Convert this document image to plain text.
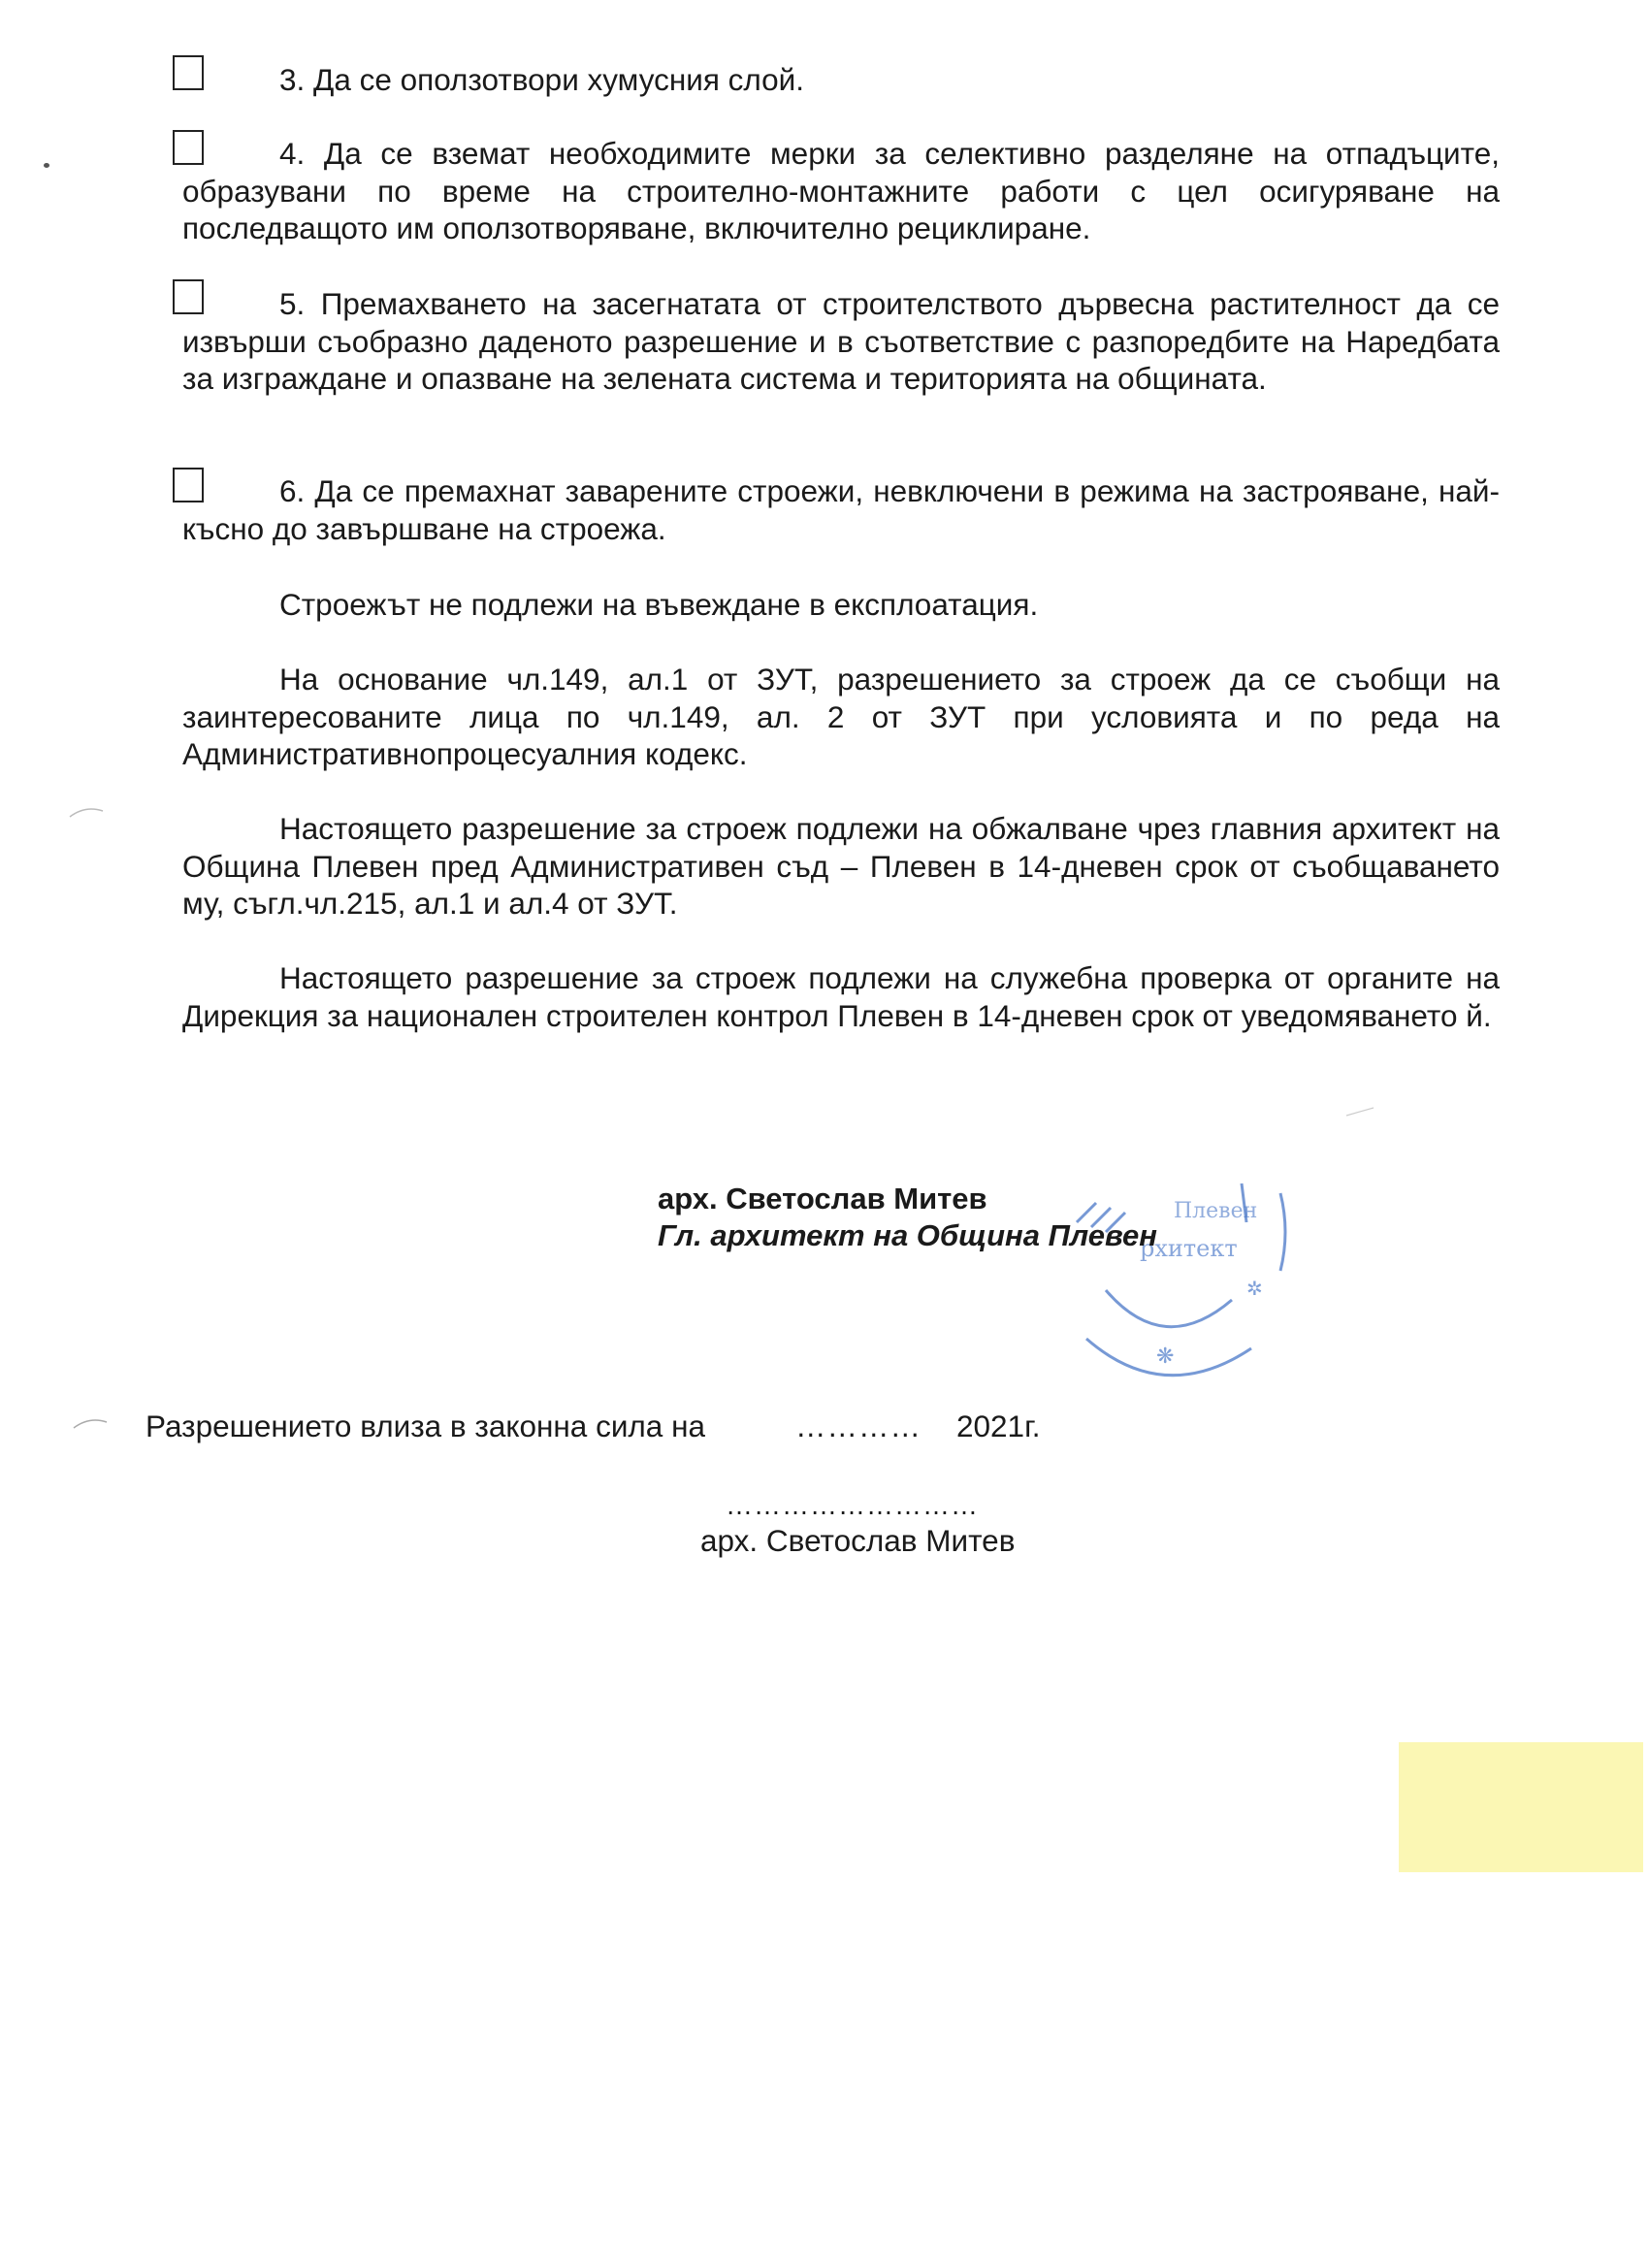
3. Да се оползотвори хумусния слой.

4. Да се вземат необходимите мерки за селективно разделяне на отпадъците, образувани по време на строително-монтажните работи с цел осигуряване на последващото им оползотворяване, включително рециклиране.

5. Премахването на засегнатата от строителството дървесна растителност да се извърши съобразно даденото разрешение и в съответствие с разпоредбите на Наредбата за изграждане и опазване на зелената система и територията на общината.

6. Да се премахнат заварените строежи, невключени в режима на застрояване, най-късно до завършване на строежа.

Строежът не подлежи на въвеждане в експлоатация.

На основание чл.149, ал.1 от ЗУТ, разрешението за строеж да се съобщи на заинтересованите лица по чл.149, ал. 2 от ЗУТ при условията и по реда на Административнопроцесуалния кодекс.

Настоящето разрешение за строеж подлежи на обжалване чрез главния архитект на Община Плевен пред Административен съд – Плевен в 14-дневен срок от съобщаването му, съгл.чл.215, ал.1 и ал.4 от ЗУТ.

Настоящето разрешение за строеж подлежи на служебна проверка от органите на Дирекция за национален строителен контрол Плевен в 14-дневен срок от уведомяването й.

Плевен
рхитект
✲
❋
арх. Светослав Митев
Гл. архитект на Община Плевен
Разрешението влиза в законна сила на	………… 2021г.
………………………
арх. Светослав Митев
